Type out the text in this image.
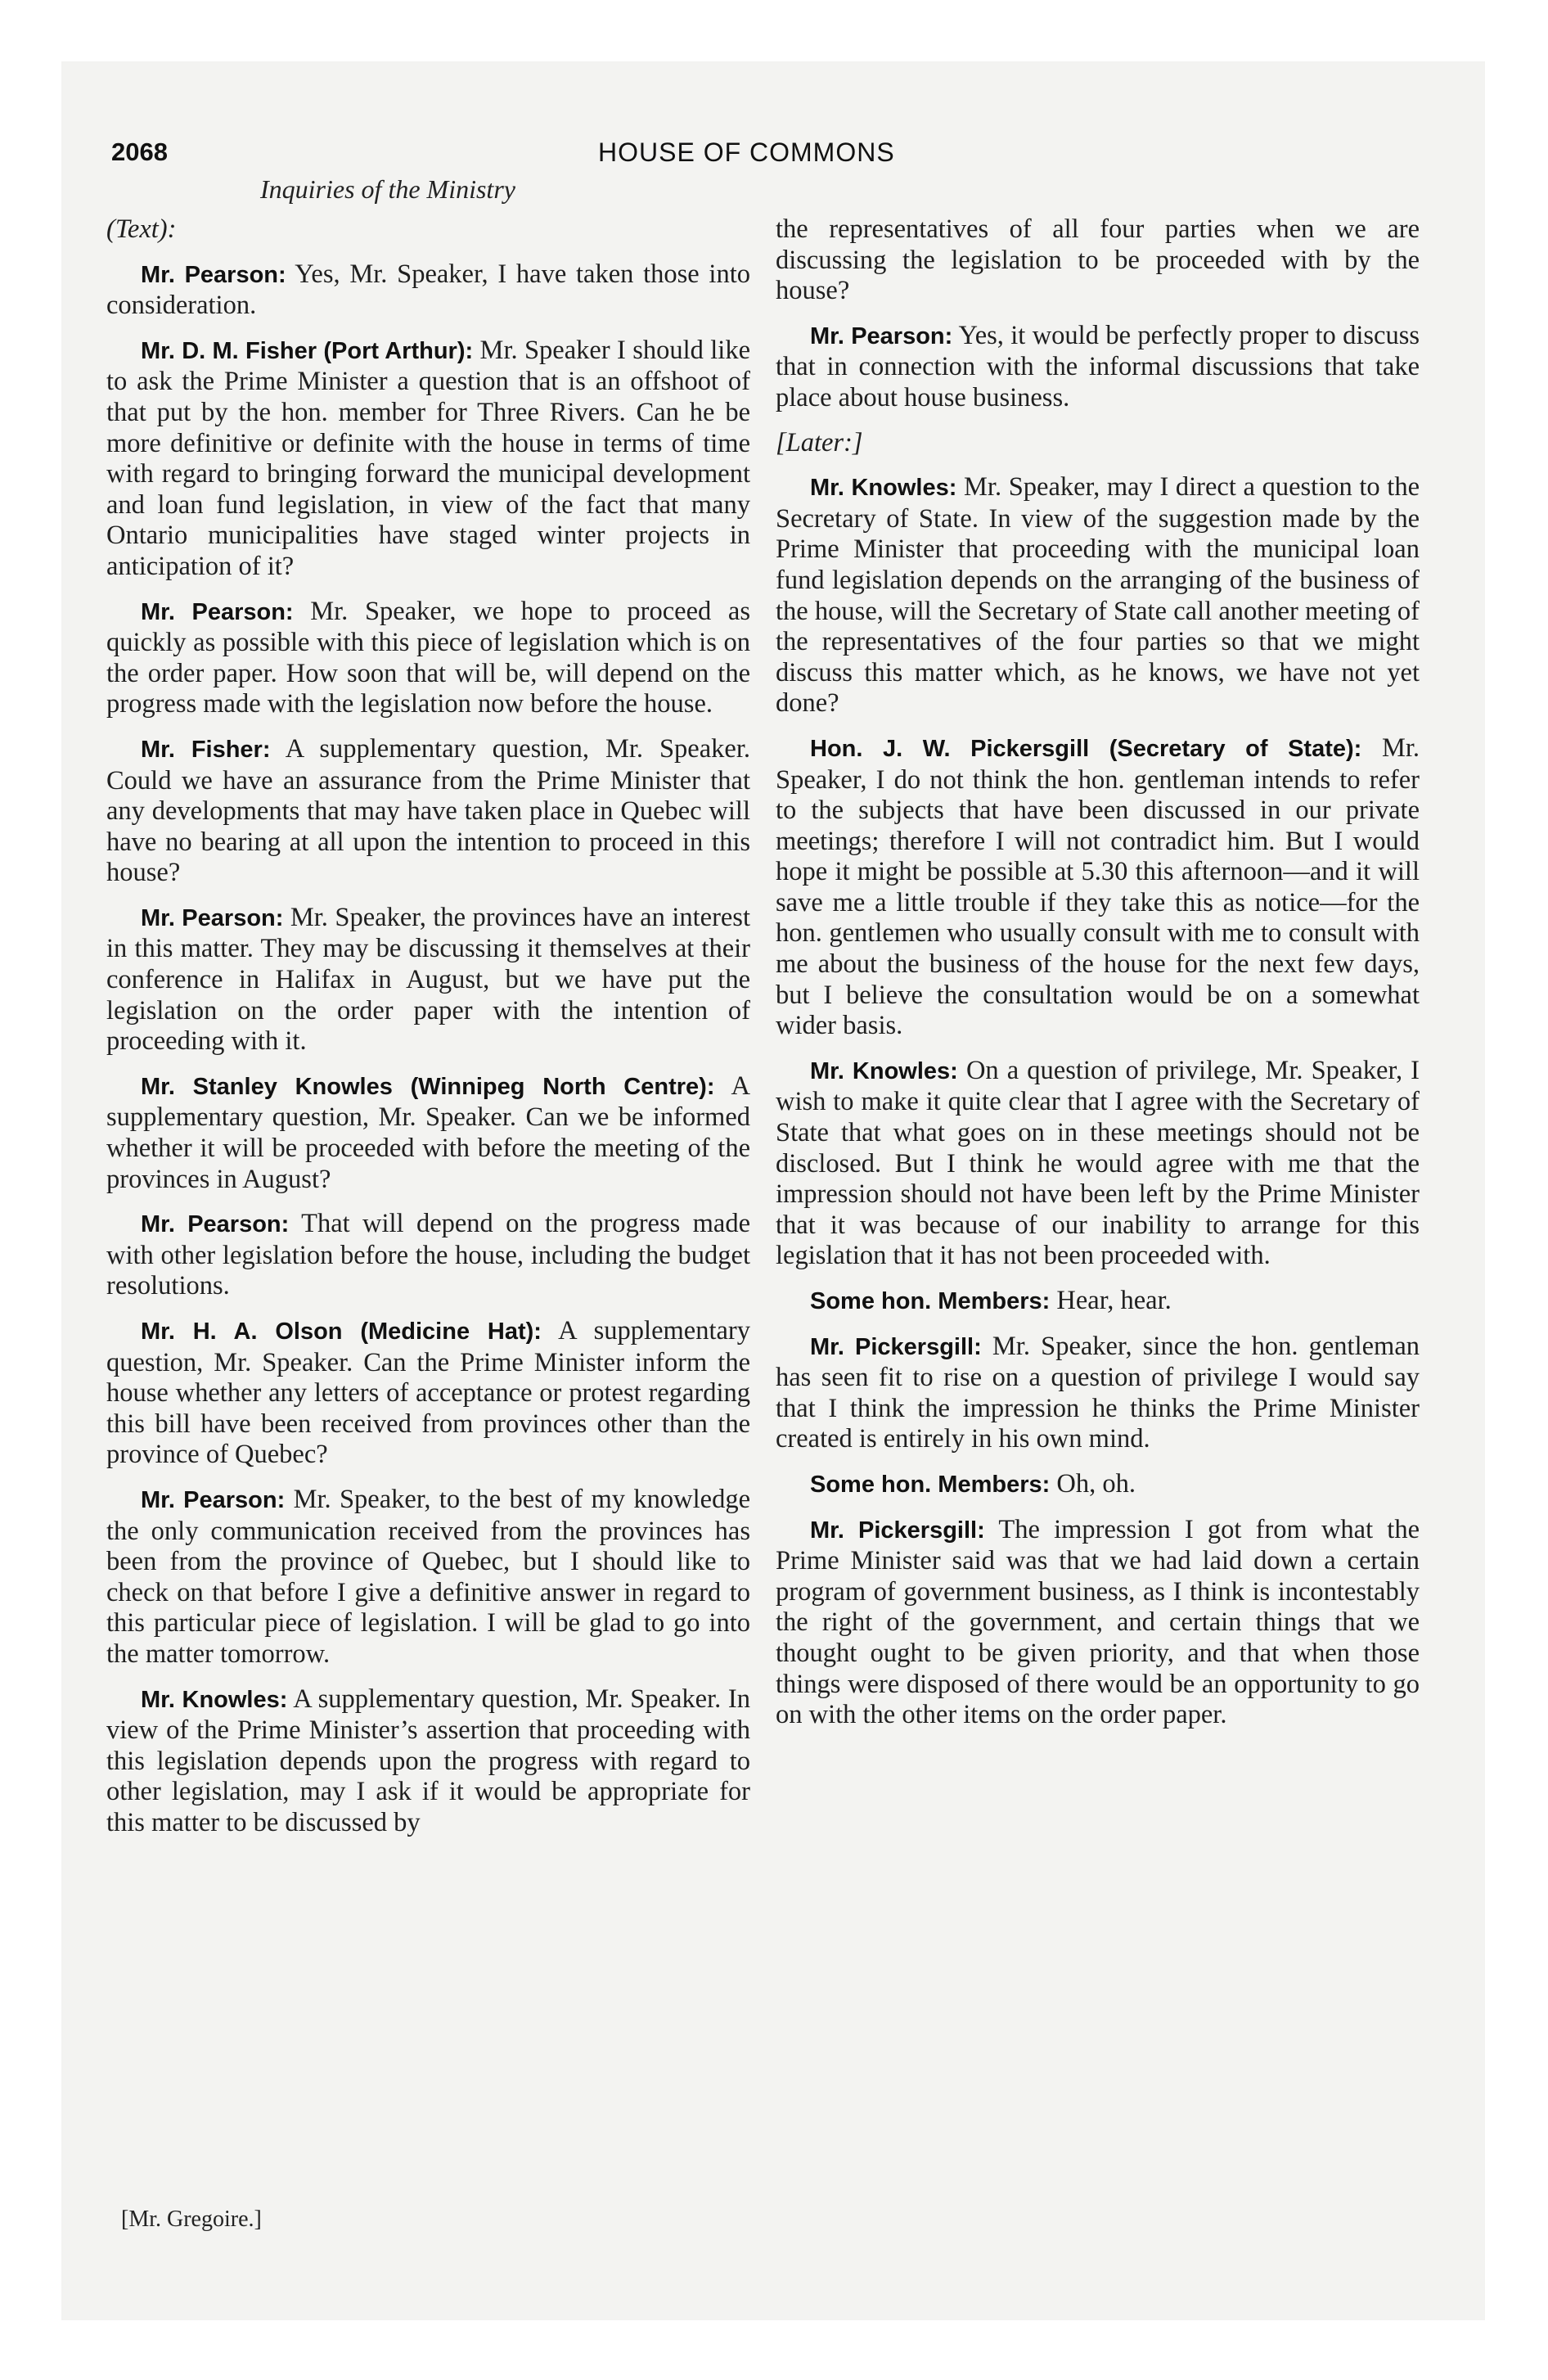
2068	HOUSE OF COMMONS
Inquiries of the Ministry

(Text):

Mr. Pearson: Yes, Mr. Speaker, I have taken those into consideration.

Mr. D. M. Fisher (Port Arthur): Mr. Speaker I should like to ask the Prime Minister a question that is an offshoot of that put by the hon. member for Three Rivers. Can he be more definitive or definite with the house in terms of time with regard to bringing forward the municipal development and loan fund legislation, in view of the fact that many Ontario municipalities have staged winter projects in anticipation of it?

Mr. Pearson: Mr. Speaker, we hope to proceed as quickly as possible with this piece of legislation which is on the order paper. How soon that will be, will depend on the progress made with the legislation now before the house.

Mr. Fisher: A supplementary question, Mr. Speaker. Could we have an assurance from the Prime Minister that any developments that may have taken place in Quebec will have no bearing at all upon the intention to proceed in this house?

Mr. Pearson: Mr. Speaker, the provinces have an interest in this matter. They may be discussing it themselves at their conference in Halifax in August, but we have put the legislation on the order paper with the intention of proceeding with it.

Mr. Stanley Knowles (Winnipeg North Centre): A supplementary question, Mr. Speaker. Can we be informed whether it will be proceeded with before the meeting of the provinces in August?

Mr. Pearson: That will depend on the progress made with other legislation before the house, including the budget resolutions.

Mr. H. A. Olson (Medicine Hat): A supplementary question, Mr. Speaker. Can the Prime Minister inform the house whether any letters of acceptance or protest regarding this bill have been received from provinces other than the province of Quebec?

Mr. Pearson: Mr. Speaker, to the best of my knowledge the only communication received from the provinces has been from the province of Quebec, but I should like to check on that before I give a definitive answer in regard to this particular piece of legislation. I will be glad to go into the matter tomorrow.

Mr. Knowles: A supplementary question, Mr. Speaker. In view of the Prime Minister’s assertion that proceeding with this legislation depends upon the progress with regard to other legislation, may I ask if it would be appropriate for this matter to be discussed by

the representatives of all four parties when we are discussing the legislation to be proceeded with by the house?

Mr. Pearson: Yes, it would be perfectly proper to discuss that in connection with the informal discussions that take place about house business.

[Later:]

Mr. Knowles: Mr. Speaker, may I direct a question to the Secretary of State. In view of the suggestion made by the Prime Minister that proceeding with the municipal loan fund legislation depends on the arranging of the business of the house, will the Secretary of State call another meeting of the representatives of the four parties so that we might discuss this matter which, as he knows, we have not yet done?

Hon. J. W. Pickersgill (Secretary of State): Mr. Speaker, I do not think the hon. gentleman intends to refer to the subjects that have been discussed in our private meetings; therefore I will not contradict him. But I would hope it might be possible at 5.30 this afternoon—and it will save me a little trouble if they take this as notice—for the hon. gentlemen who usually consult with me to consult with me about the business of the house for the next few days, but I believe the consultation would be on a somewhat wider basis.

Mr. Knowles: On a question of privilege, Mr. Speaker, I wish to make it quite clear that I agree with the Secretary of State that what goes on in these meetings should not be disclosed. But I think he would agree with me that the impression should not have been left by the Prime Minister that it was because of our inability to arrange for this legislation that it has not been proceeded with.

Some hon. Members: Hear, hear.

Mr. Pickersgill: Mr. Speaker, since the hon. gentleman has seen fit to rise on a question of privilege I would say that I think the impression he thinks the Prime Minister created is entirely in his own mind.

Some hon. Members: Oh, oh.

Mr. Pickersgill: The impression I got from what the Prime Minister said was that we had laid down a certain program of government business, as I think is incontestably the right of the government, and certain things that we thought ought to be given priority, and that when those things were disposed of there would be an opportunity to go on with the other items on the order paper.

[Mr. Gregoire.]
